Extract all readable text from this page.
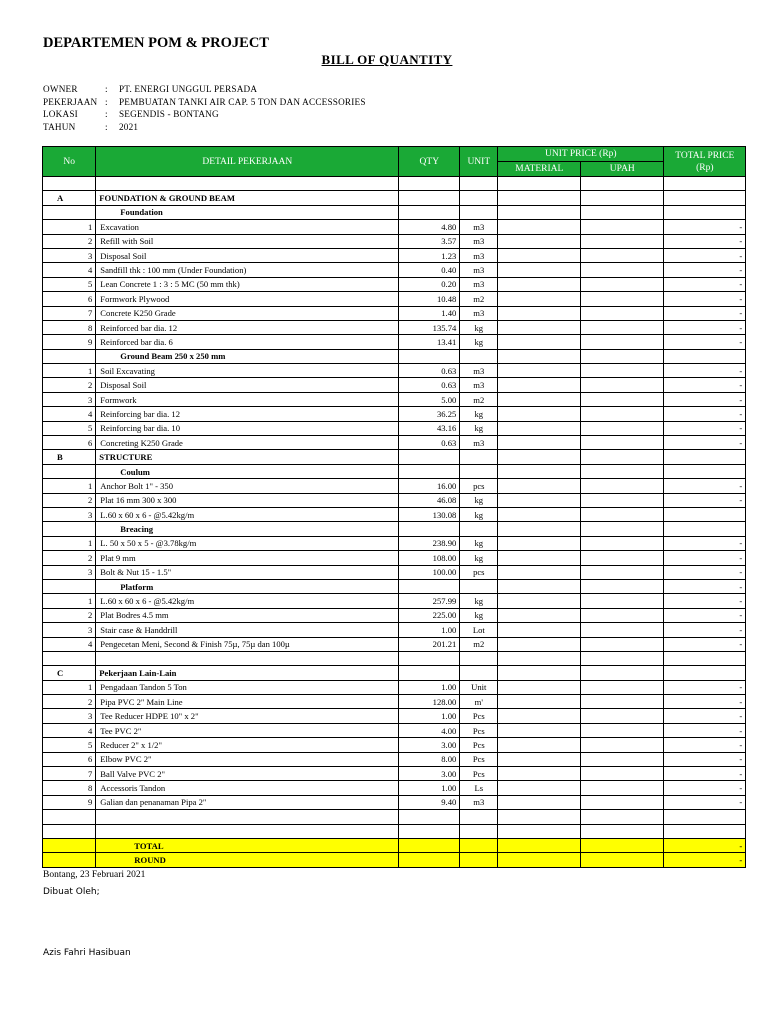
DEPARTEMEN POM & PROJECT
BILL OF QUANTITY
OWNER	: PT. ENERGI UNGGUL PERSADA
PEKERJAAN : PEMBUATAN TANKI AIR CAP. 5 TON DAN ACCESSORIES
LOKASI	: SEGENDIS - BONTANG
TAHUN	: 2021
No	DETAIL PEKERJAAN	QTY	UNIT	UNIT PRICE (Rp)		TOTAL PRICE (Rp)
				MATERIAL	UPAH	

A	FOUNDATION & GROUND BEAM					
	Foundation					
1	Excavation	4.80	m3			-
2	Refill with Soil	3.57	m3			-
3	Disposal Soil	1.23	m3			-
4	Sandfill thk : 100 mm (Under Foundation)	0.40	m3			-
5	Lean Concrete 1 : 3 : 5 MC (50 mm thk)	0.20	m3			-
6	Formwork Plywood	10.48	m2			-
7	Concrete K250 Grade	1.40	m3			-
8	Reinforced bar dia. 12	135.74	kg			-
9	Reinforced bar dia. 6	13.41	kg			-
	Ground Beam 250 x 250 mm					
1	Soil Excavating	0.63	m3			-
2	Disposal Soil	0.63	m3			-
3	Formwork	5.00	m2			-
4	Reinforcing bar dia. 12	36.25	kg			-
5	Reinforcing bar dia. 10	43.16	kg			-
6	Concreting K250 Grade	0.63	m3			-
B	STRUCTURE					
	Coulum					
1	Anchor Bolt 1" - 350	16.00	pcs			-
2	Plat 16 mm 300 x 300	46.08	kg			-
3	L.60 x 60 x 6 - @5.42kg/m	130.08	kg			
	Breacing					
1	L. 50 x 50 x 5 - @3.78kg/m	238.90	kg			-
2	Plat 9 mm	108.00	kg			-
3	Bolt & Nut 15 - 1.5"	100.00	pcs			-
	Platform					-
1	L.60 x 60 x 6 - @5.42kg/m	257.99	kg			-
2	Plat Bodres 4.5 mm	225.00	kg			-
3	Stair case & Handdrill	1.00	Lot			-
4	Pengecetan Meni, Second & Finish 75µ, 75µ dan 100µ	201.21	m2			-

C	Pekerjaan Lain-Lain					
1	Pengadaan Tandon 5 Ton	1.00	Unit			-
2	Pipa PVC 2" Main Line	128.00	m'			-
3	Tee Reducer HDPE 10" x 2"	1.00	Pcs			-
4	Tee PVC 2"	4.00	Pcs			-
5	Reducer 2" x 1/2"	3.00	Pcs			-
6	Elbow PVC 2"	8.00	Pcs			-
7	Ball Valve PVC 2"	3.00	Pcs			-
8	Accessoris Tandon	1.00	Ls			-
9	Galian dan penanaman Pipa 2"	9.40	m3			-

	TOTAL					-
	ROUND					-
Bontang, 23 Februari 2021
Dibuat Oleh;
Azis Fahri Hasibuan
